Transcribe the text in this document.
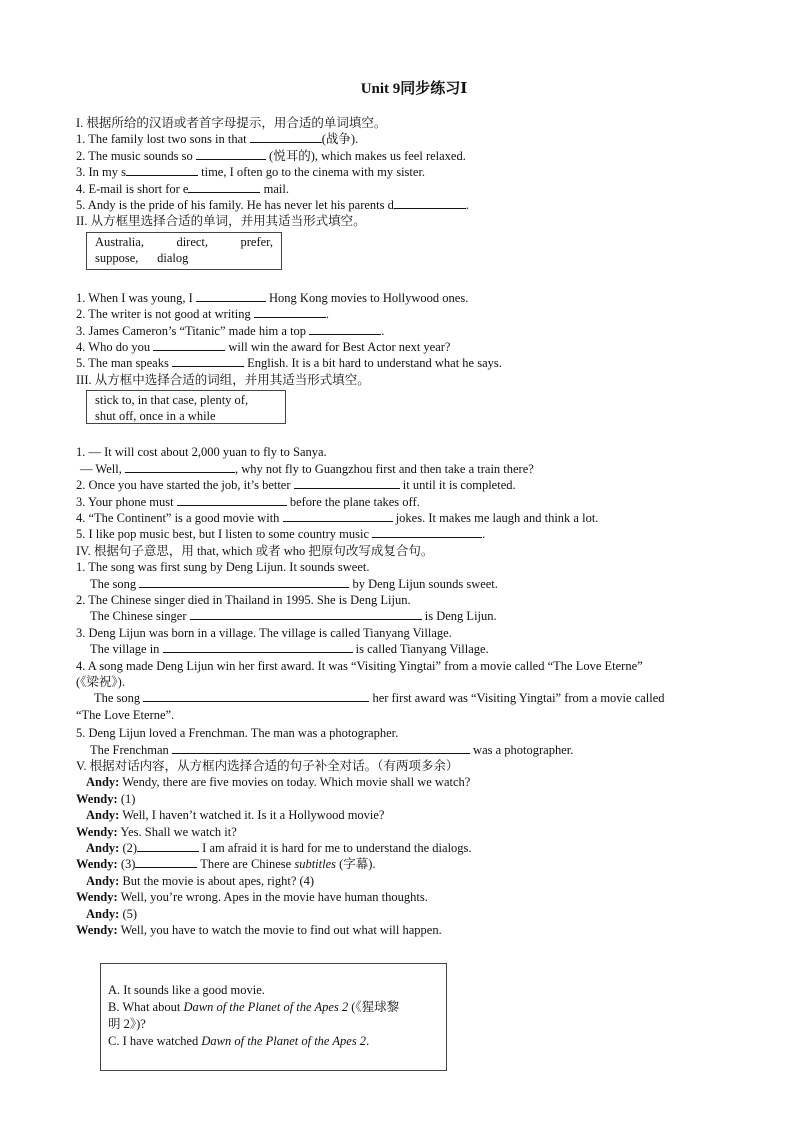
Unit 9同步练习Ⅰ
I. 根据所给的汉语或者首字母提示，用合适的单词填空。
1. The family lost two sons in that	(战争).
2. The music sounds so	(悦耳的), which makes us feel relaxed.
3. In my s	time, I often go to the cinema with my sister.
4. E-mail is short for e	mail.
5. Andy is the pride of his family. He has never let his parents d	.
II. 从方框里选择合适的单词，并用其适当形式填空。
Australia,	direct,	prefer,
suppose,      dialog
1. When I was young, I	Hong Kong movies to Hollywood ones.
2. The writer is not good at writing	.
3. James Cameron’s “Titanic” made him a top	.
4. Who do you	will win the award for Best Actor next year?
5. The man speaks	English. It is a bit hard to understand what he says.
III. 从方框中选择合适的词组，并用其适当形式填空。
stick to, in that case, plenty of,
shut off, once in a while
1. — It will cost about 2,000 yuan to fly to Sanya.
— Well,	, why not fly to Guangzhou first and then take a train there?
2. Once you have started the job, it’s better	it until it is completed.
3. Your phone must	before the plane takes off.
4. “The Continent” is a good movie with	jokes. It makes me laugh and think a lot.
5. I like pop music best, but I listen to some country music	.
IV. 根据句子意思，用 that, which 或者 who 把原句改写成复合句。
1. The song was first sung by Deng Lijun. It sounds sweet.
The song	by Deng Lijun sounds sweet.
2. The Chinese singer died in Thailand in 1995. She is Deng Lijun.
The Chinese singer	is Deng Lijun.
3. Deng Lijun was born in a village. The village is called Tianyang Village.
The village in	is called Tianyang Village.
4. A song made Deng Lijun win her first award. It was “Visiting Yingtai” from a movie called “The Love Eterne”
(《梁祝》).
The song	her first award was “Visiting Yingtai” from a movie called
“The Love Eterne”.
5. Deng Lijun loved a Frenchman. The man was a photographer.
The Frenchman	was a photographer.
V. 根据对话内容，从方框内选择合适的句子补全对话。（有两项多余）
Andy: Wendy, there are five movies on today. Which movie shall we watch?
Wendy: (1)
Andy: Well, I haven’t watched it. Is it a Hollywood movie?
Wendy: Yes. Shall we watch it?
Andy: (2)	I am afraid it is hard for me to understand the dialogs.
Wendy: (3)	There are Chinese subtitles (字幕).
Andy: But the movie is about apes, right? (4)
Wendy: Well, you’re wrong. Apes in the movie have human thoughts.
Andy: (5)
Wendy: Well, you have to watch the movie to find out what will happen.
A. It sounds like a good movie.
B. What about Dawn of the Planet of the Apes 2 (《猩球黎
明 2》)?
C. I have watched Dawn of the Planet of the Apes 2.
